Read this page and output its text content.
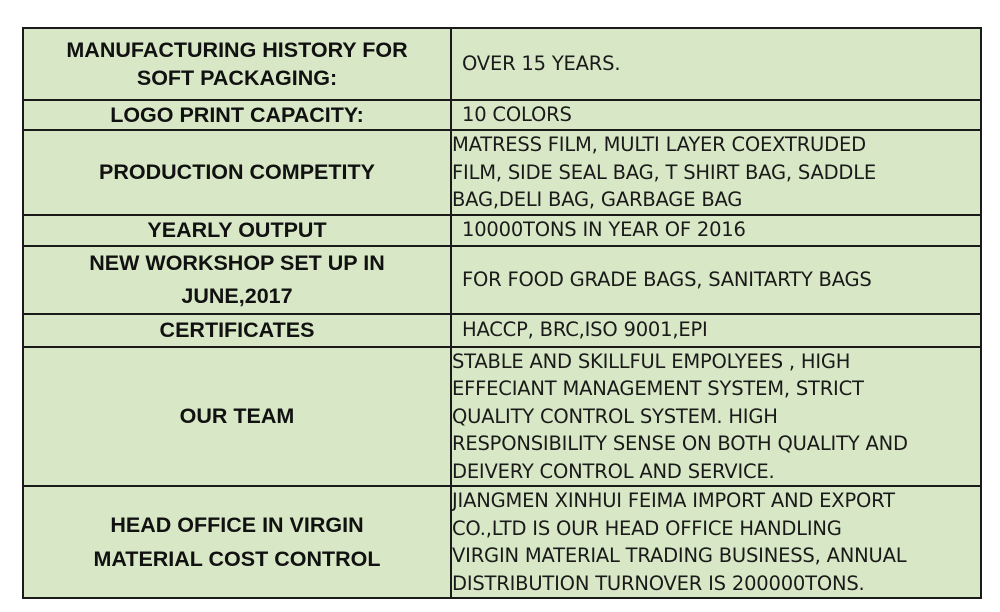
MANUFACTURING HISTORY FOR
SOFT PACKAGING:	OVER 15 YEARS.
LOGO PRINT CAPACITY:	10 COLORS
PRODUCTION COMPETITY	MATRESS FILM, MULTI LAYER COEXTRUDED
FILM, SIDE SEAL BAG, T SHIRT BAG, SADDLE
BAG,DELI BAG, GARBAGE BAG
YEARLY OUTPUT	10000TONS IN YEAR OF 2016
NEW WORKSHOP SET UP IN
JUNE,2017	FOR FOOD GRADE BAGS, SANITARTY BAGS
CERTIFICATES	HACCP, BRC,ISO 9001,EPI
OUR TEAM	STABLE AND SKILLFUL EMPOLYEES , HIGH
EFFECIANT MANAGEMENT SYSTEM, STRICT
QUALITY CONTROL SYSTEM. HIGH
RESPONSIBILITY SENSE ON BOTH QUALITY AND
DEIVERY CONTROL AND SERVICE.
HEAD OFFICE IN VIRGIN
MATERIAL COST CONTROL	JIANGMEN XINHUI FEIMA IMPORT AND EXPORT
CO.,LTD IS OUR HEAD OFFICE HANDLING
VIRGIN MATERIAL TRADING BUSINESS, ANNUAL
DISTRIBUTION TURNOVER IS 200000TONS.
